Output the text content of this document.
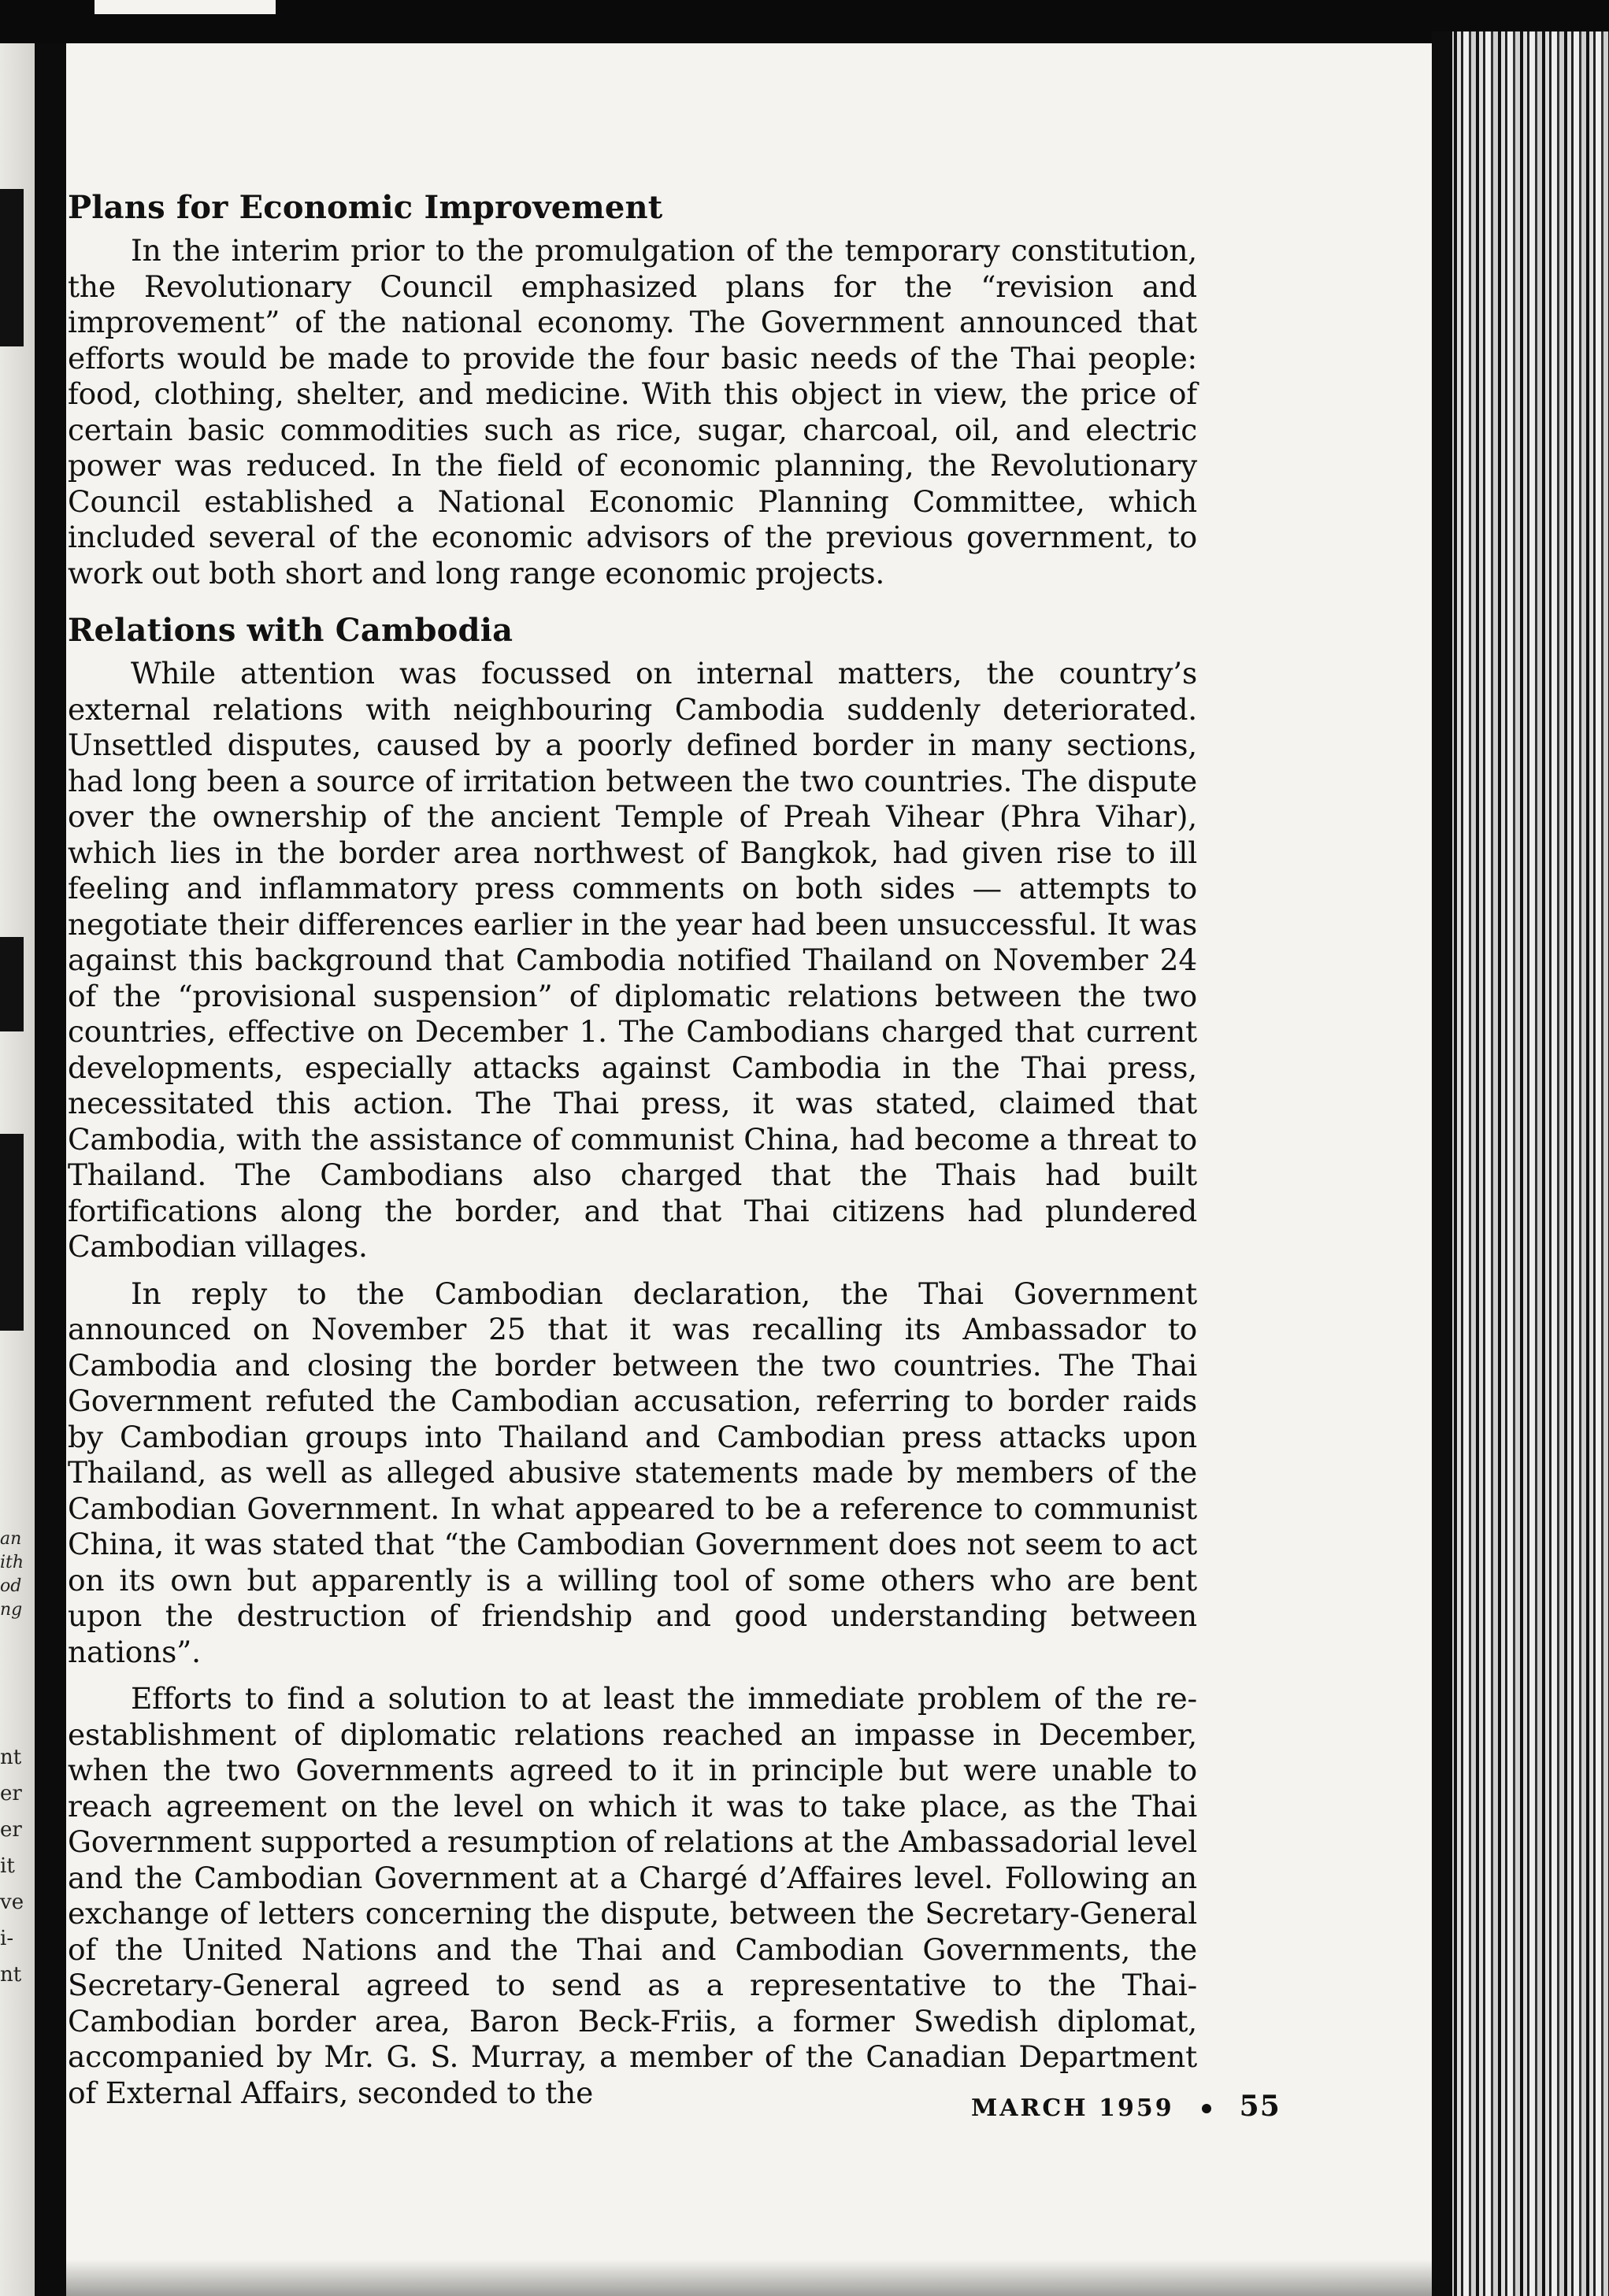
an
ith
od
ng
nt
er
er
it
ve
i-
nt
Plans for Economic Improvement

In the interim prior to the promulgation of the temporary constitution, the Revolutionary Council emphasized plans for the “revision and improvement” of the national economy. The Government announced that efforts would be made to provide the four basic needs of the Thai people: food, clothing, shelter, and medicine. With this object in view, the price of certain basic commodities such as rice, sugar, charcoal, oil, and electric power was reduced. In the field of economic planning, the Revolutionary Council established a National Economic Planning Committee, which included several of the economic advisors of the previous government, to work out both short and long range economic projects.

Relations with Cambodia

While attention was focussed on internal matters, the country’s external relations with neighbouring Cambodia suddenly deteriorated. Unsettled disputes, caused by a poorly defined border in many sections, had long been a source of irritation between the two countries. The dispute over the ownership of the ancient Temple of Preah Vihear (Phra Vihar), which lies in the border area northwest of Bangkok, had given rise to ill feeling and inflammatory press comments on both sides — attempts to negotiate their differences earlier in the year had been unsuccessful. It was against this background that Cambodia notified Thailand on November 24 of the “provisional suspension” of diplomatic relations between the two countries, effective on December 1. The Cambodians charged that current developments, especially attacks against Cambodia in the Thai press, necessitated this action. The Thai press, it was stated, claimed that Cambodia, with the assistance of communist China, had become a threat to Thailand. The Cambodians also charged that the Thais had built fortifications along the border, and that Thai citizens had plundered Cambodian villages.

In reply to the Cambodian declaration, the Thai Government announced on November 25 that it was recalling its Ambassador to Cambodia and closing the border between the two countries. The Thai Government refuted the Cambodian accusation, referring to border raids by Cambodian groups into Thailand and Cambodian press attacks upon Thailand, as well as alleged abusive statements made by members of the Cambodian Government. In what appeared to be a reference to communist China, it was stated that “the Cambodian Government does not seem to act on its own but apparently is a willing tool of some others who are bent upon the destruction of friendship and good understanding between nations”.

Efforts to find a solution to at least the immediate problem of the re-establishment of diplomatic relations reached an impasse in December, when the two Governments agreed to it in principle but were unable to reach agreement on the level on which it was to take place, as the Thai Government supported a resumption of relations at the Ambassadorial level and the Cambodian Government at a Chargé d’Affaires level. Following an exchange of letters concerning the dispute, between the Secretary-General of the United Nations and the Thai and Cambodian Governments, the Secretary-General agreed to send as a representative to the Thai-Cambodian border area, Baron Beck-Friis, a former Swedish diplomat, accompanied by Mr. G. S. Murray, a member of the Canadian Department of External Affairs, seconded to the	MARCH 1959 55
